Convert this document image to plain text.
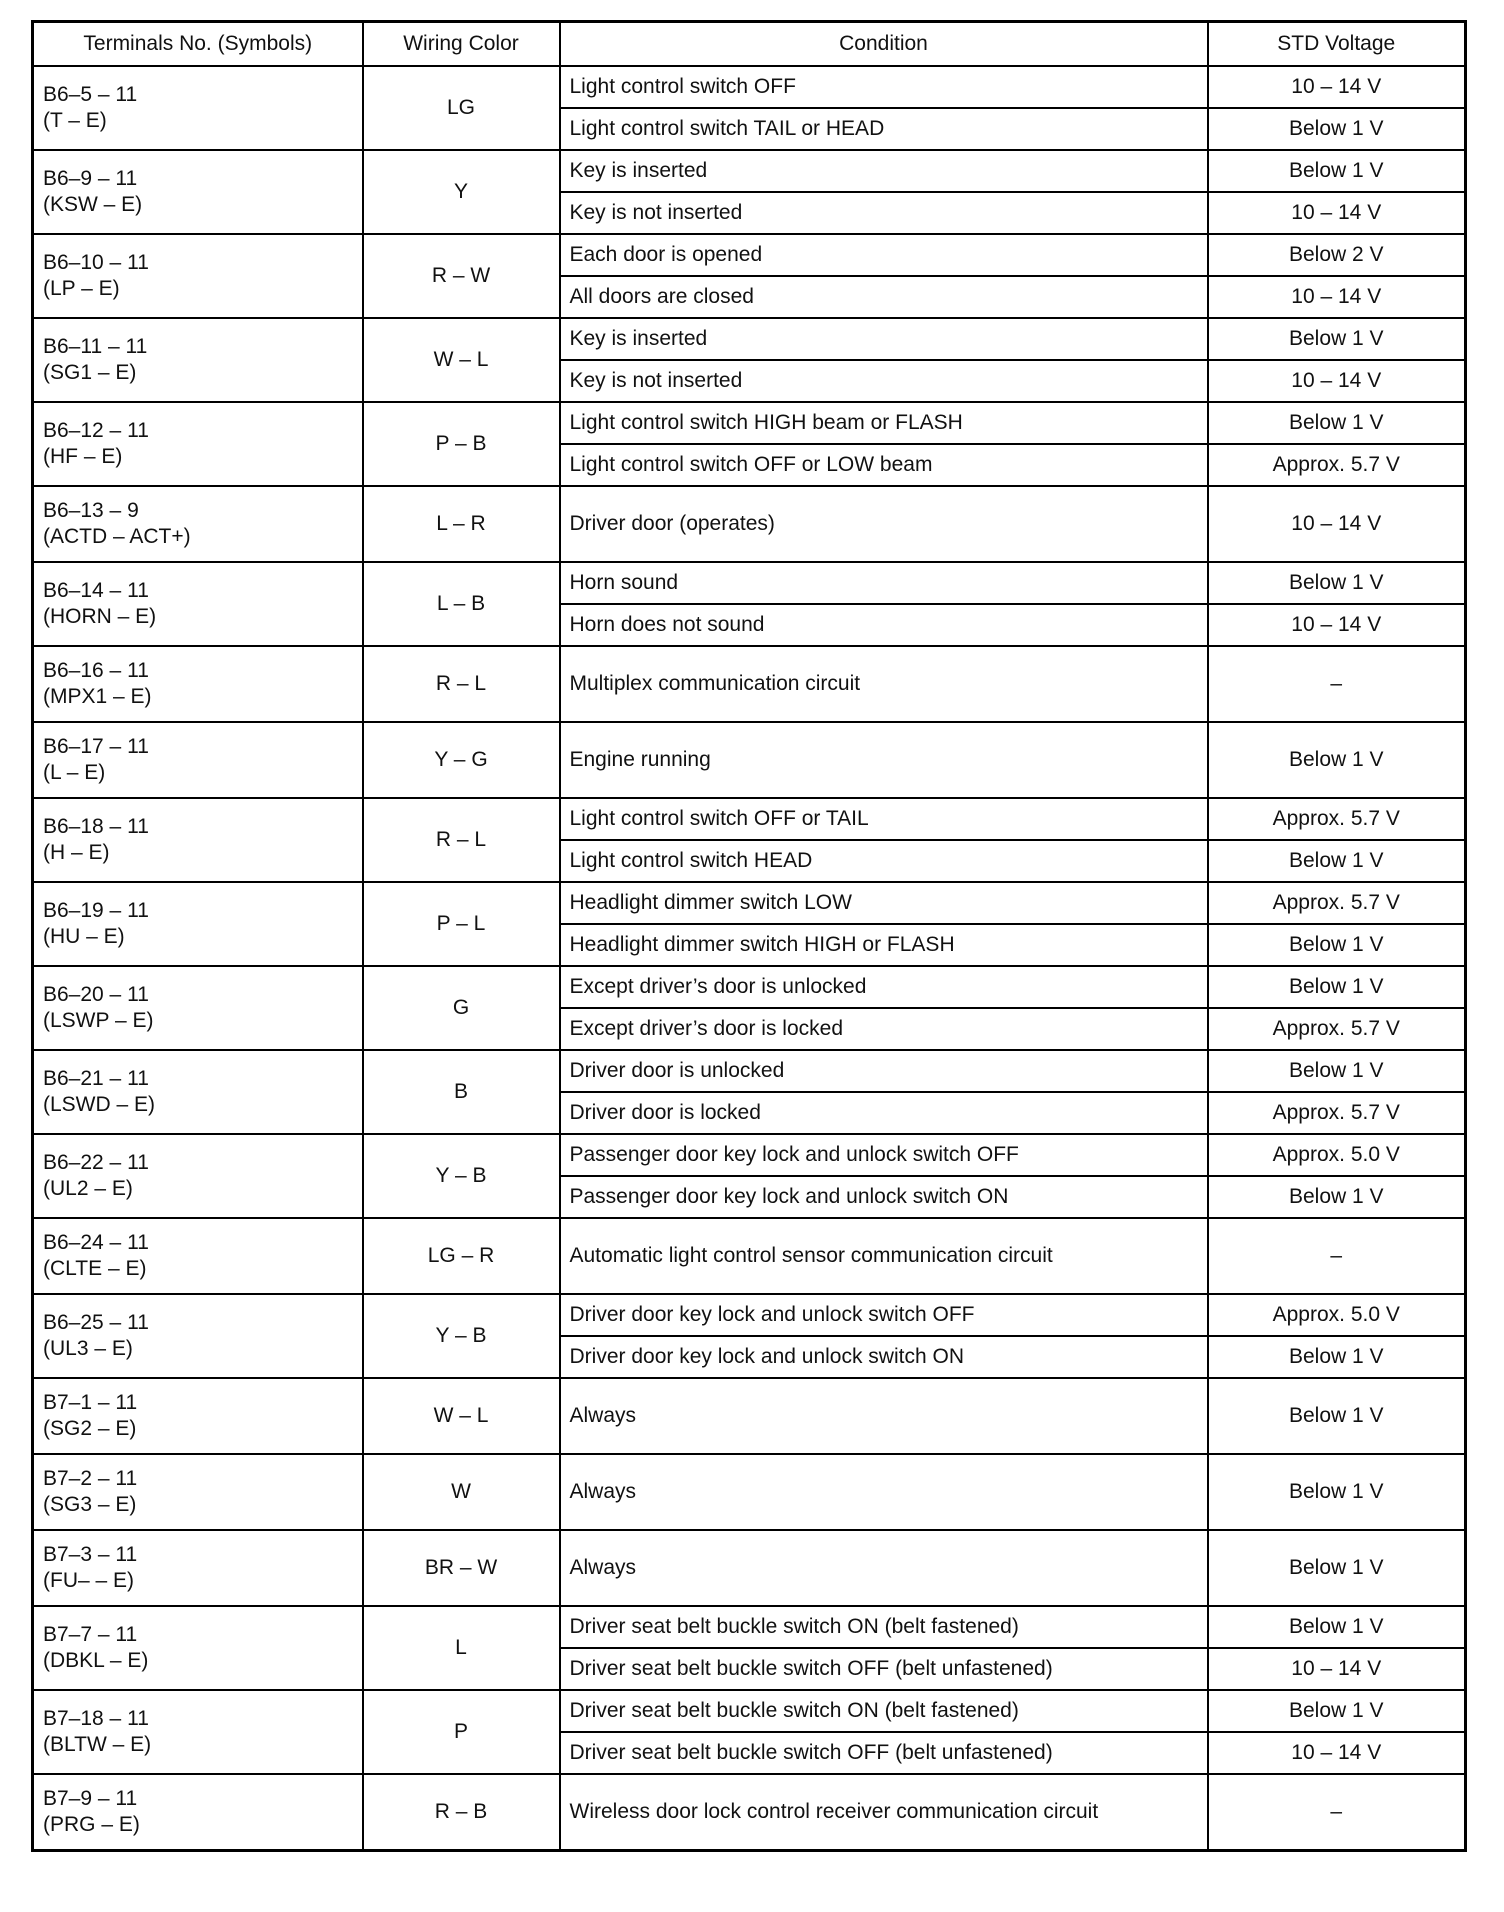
Terminals No. (Symbols)	Wiring Color	Condition	STD Voltage

B6–5 – 11
(T – E)	LG	Light control switch OFF	10 – 14 V
		Light control switch TAIL or HEAD	Below 1 V

B6–9 – 11
(KSW – E)	Y	Key is inserted	Below 1 V
		Key is not inserted	10 – 14 V

B6–10 – 11
(LP – E)	R – W	Each door is opened	Below 2 V
		All doors are closed	10 – 14 V

B6–11 – 11
(SG1 – E)	W – L	Key is inserted	Below 1 V
		Key is not inserted	10 – 14 V

B6–12 – 11
(HF – E)	P – B	Light control switch HIGH beam or FLASH	Below 1 V
		Light control switch OFF or LOW beam	Approx. 5.7 V

B6–13 – 9
(ACTD – ACT+)	L – R	Driver door (operates)	10 – 14 V

B6–14 – 11
(HORN – E)	L – B	Horn sound	Below 1 V
		Horn does not sound	10 – 14 V

B6–16 – 11
(MPX1 – E)	R – L	Multiplex communication circuit	–

B6–17 – 11
(L – E)	Y – G	Engine running	Below 1 V

B6–18 – 11
(H – E)	R – L	Light control switch OFF or TAIL	Approx. 5.7 V
		Light control switch HEAD	Below 1 V

B6–19 – 11
(HU – E)	P – L	Headlight dimmer switch LOW	Approx. 5.7 V
		Headlight dimmer switch HIGH or FLASH	Below 1 V

B6–20 – 11
(LSWP – E)	G	Except driver’s door is unlocked	Below 1 V
		Except driver’s door is locked	Approx. 5.7 V

B6–21 – 11
(LSWD – E)	B	Driver door is unlocked	Below 1 V
		Driver door is locked	Approx. 5.7 V

B6–22 – 11
(UL2 – E)	Y – B	Passenger door key lock and unlock switch OFF	Approx. 5.0 V
		Passenger door key lock and unlock switch ON	Below 1 V

B6–24 – 11
(CLTE – E)	LG – R	Automatic light control sensor communication circuit	–

B6–25 – 11
(UL3 – E)	Y – B	Driver door key lock and unlock switch OFF	Approx. 5.0 V
		Driver door key lock and unlock switch ON	Below 1 V

B7–1 – 11
(SG2 – E)	W – L	Always	Below 1 V

B7–2 – 11
(SG3 – E)	W	Always	Below 1 V

B7–3 – 11
(FU– – E)	BR – W	Always	Below 1 V

B7–7 – 11
(DBKL – E)	L	Driver seat belt buckle switch ON (belt fastened)	Below 1 V
		Driver seat belt buckle switch OFF (belt unfastened)	10 – 14 V

B7–18 – 11
(BLTW – E)	P	Driver seat belt buckle switch ON (belt fastened)	Below 1 V
		Driver seat belt buckle switch OFF (belt unfastened)	10 – 14 V

B7–9 – 11
(PRG – E)	R – B	Wireless door lock control receiver communication circuit	–
